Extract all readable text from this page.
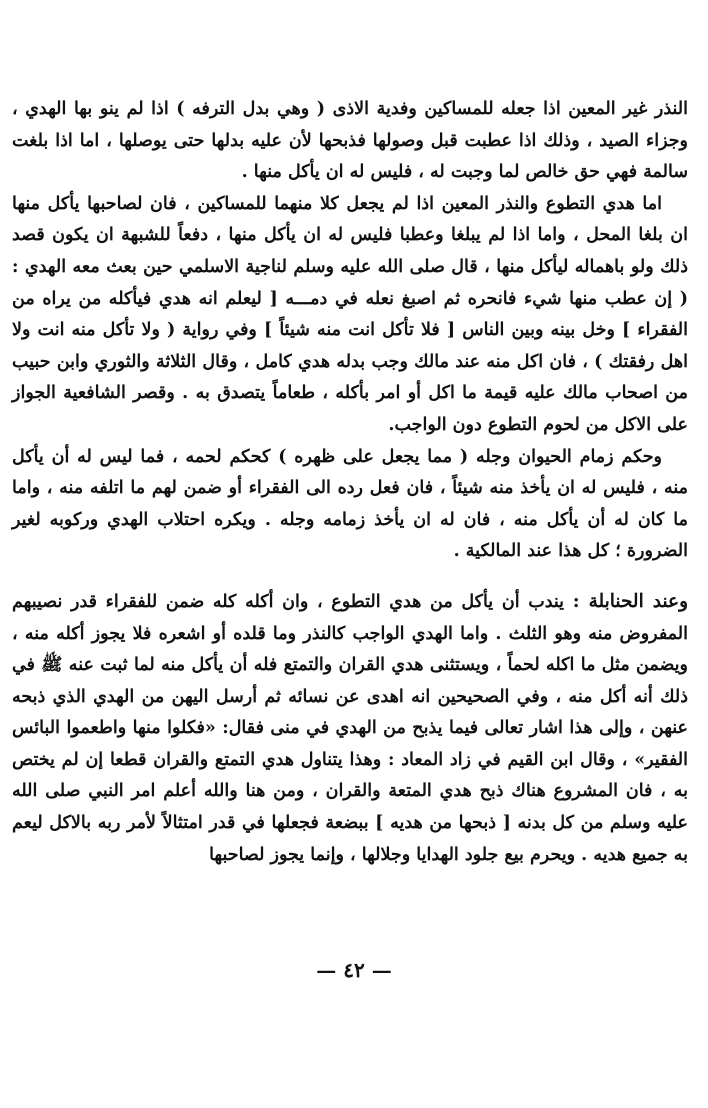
النذر غير المعين اذا جعله للمساكين وفدية الاذى ( وهي بدل الترفه ) اذا لم ينو بها الهدي ، وجزاء الصيد ، وذلك اذا عطبت قبل وصولها فذبحها لأن عليه بدلها حتى يوصلها ، اما اذا بلغت سالمة فهي حق خالص لما وجبت له ، فليس له ان يأكل منها .

اما هدي التطوع والنذر المعين اذا لم يجعل كلا منهما للمساكين ، فان لصاحبها يأكل منها ان بلغا المحل ، واما اذا لم يبلغا وعطبا فليس له ان يأكل منها ، دفعاً للشبهة ان يكون قصد ذلك ولو باهماله ليأكل منها ، قال صلى الله عليه وسلم لناجية الاسلمي حين بعث معه الهدي : ( إن عطب منها شيء فانحره ثم اصبغ نعله في دمـــه [ ليعلم انه هدي فيأكله من يراه من الفقراء ] وخل بينه وبين الناس [ فلا تأكل انت منه شيئاً ] وفي رواية ( ولا تأكل منه انت ولا اهل رفقتك ) ، فان اكل منه عند مالك وجب بدله هدي كامل ، وقال الثلاثة والثوري وابن حبيب من اصحاب مالك عليه قيمة ما اكل أو امر بأكله ، طعاماً يتصدق به . وقصر الشافعية الجواز على الاكل من لحوم التطوع دون الواجب.

وحكم زمام الحيوان وجله ( مما يجعل على ظهره ) كحكم لحمه ، فما ليس له أن يأكل منه ، فليس له ان يأخذ منه شيئاً ، فان فعل رده الى الفقراء أو ضمن لهم ما اتلفه منه ، واما ما كان له أن يأكل منه ، فان له ان يأخذ زمامه وجله . ويكره احتلاب الهدي وركوبه لغير الضرورة ؛ كل هذا عند المالكية .

وعند الحنابلة : يندب أن يأكل من هدي التطوع ، وان أكله كله ضمن للفقراء قدر نصيبهم المفروض منه وهو الثلث . واما الهدي الواجب كالنذر وما قلده أو اشعره فلا يجوز أكله منه ، ويضمن مثل ما اكله لحماً ، ويستثنى هدي القران والتمتع فله أن يأكل منه لما ثبت عنه ﷺ في ذلك أنه أكل منه ، وفي الصحيحين انه اهدى عن نسائه ثم أرسل اليهن من الهدي الذي ذبحه عنهن ، وإلى هذا اشار تعالى فيما يذبح من الهدي في منى فقال: «فكلوا منها واطعموا البائس الفقير» ، وقال ابن القيم في زاد المعاد : وهذا يتناول هدي التمتع والقران قطعا إن لم يختص به ، فان المشروع هناك ذبح هدي المتعة والقران ، ومن هنا والله أعلم امر النبي صلى الله عليه وسلم من كل بدنه [ ذبحها من هديه ] ببضعة فجعلها في قدر امتثالاً لأمر ربه بالاكل ليعم به جميع هديه . ويحرم بيع جلود الهدايا وجلالها ، وإنما يجوز لصاحبها

— ٤٢ —
